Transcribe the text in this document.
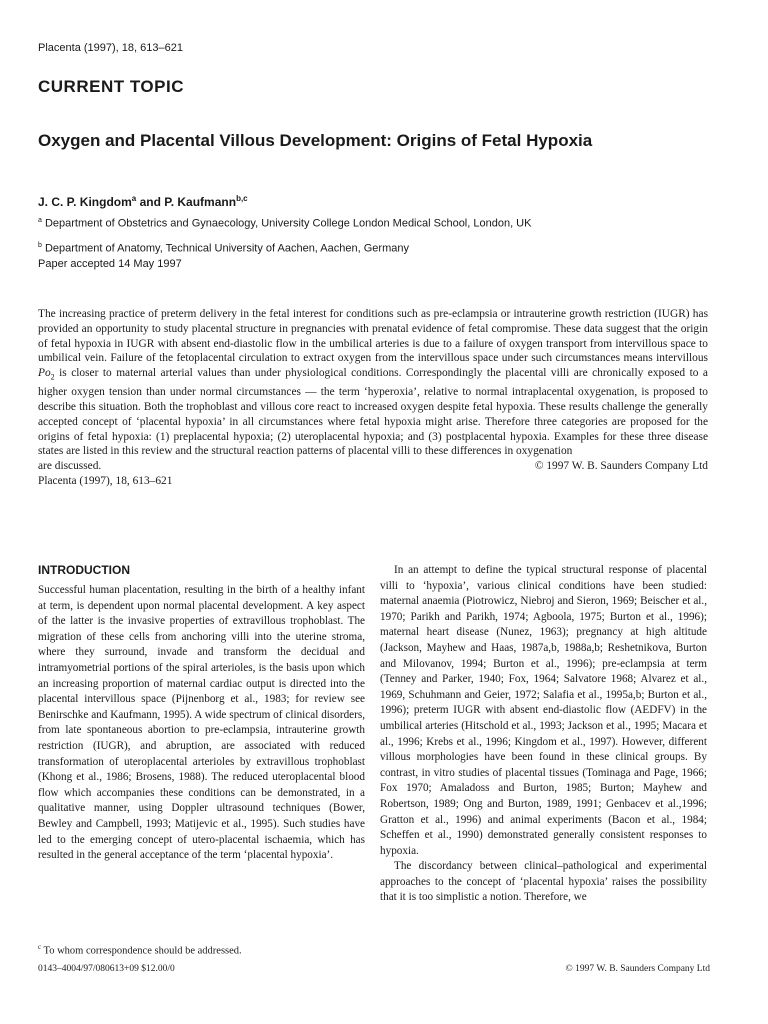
Placenta (1997), 18, 613–621
CURRENT TOPIC
Oxygen and Placental Villous Development: Origins of Fetal Hypoxia
J. C. P. Kingdom$^a$ and P. Kaufmann$^{b,c}$
$^a$ Department of Obstetrics and Gynaecology, University College London Medical School, London, UK
$^b$ Department of Anatomy, Technical University of Aachen, Aachen, Germany
Paper accepted 14 May 1997
The increasing practice of preterm delivery in the fetal interest for conditions such as pre-eclampsia or intrauterine growth restriction (IUGR) has provided an opportunity to study placental structure in pregnancies with prenatal evidence of fetal compromise. These data suggest that the origin of fetal hypoxia in IUGR with absent end-diastolic flow in the umbilical arteries is due to a failure of oxygen transport from intervillous space to umbilical vein. Failure of the fetoplacental circulation to extract oxygen from the intervillous space under such circumstances means intervillous $Po_2$ is closer to maternal arterial values than under physiological conditions. Correspondingly the placental villi are chronically exposed to a higher oxygen tension than under normal circumstances — the term ‘hyperoxia’, relative to normal intraplacental oxygenation, is proposed to describe this situation. Both the trophoblast and villous core react to increased oxygen despite fetal hypoxia. These results challenge the generally accepted concept of ‘placental hypoxia’ in all circumstances where fetal hypoxia might arise. Therefore three categories are proposed for the origins of fetal hypoxia: (1) preplacental hypoxia; (2) uteroplacental hypoxia; and (3) postplacental hypoxia. Examples for these three disease states are listed in this review and the structural reaction patterns of placental villi to these differences in oxygenation
are discussed.	© 1997 W. B. Saunders Company Ltd
Placenta (1997), 18, 613–621
INTRODUCTION

Successful human placentation, resulting in the birth of a healthy infant at term, is dependent upon normal placental development. A key aspect of the latter is the invasive properties of extravillous trophoblast. The migration of these cells from anchoring villi into the uterine stroma, where they surround, invade and transform the decidual and intramyometrial portions of the spiral arterioles, is the basis upon which an increasing proportion of maternal cardiac output is directed into the placental intervillous space (Pijnenborg et al., 1983; for review see Benirschke and Kaufmann, 1995). A wide spectrum of clinical disorders, from late spontaneous abortion to pre-eclampsia, intrauterine growth restriction (IUGR), and abruption, are associated with reduced transformation of uteroplacental arterioles by extravillous trophoblast (Khong et al., 1986; Brosens, 1988). The reduced uteroplacental blood flow which accompanies these conditions can be demonstrated, in a qualitative manner, using Doppler ultrasound techniques (Bower, Bewley and Campbell, 1993; Matijevic et al., 1995). Such studies have led to the emerging concept of utero-placental ischaemia, which has resulted in the general acceptance of the term ‘placental hypoxia’.

In an attempt to define the typical structural response of placental villi to ‘hypoxia’, various clinical conditions have been studied: maternal anaemia (Piotrowicz, Niebroj and Sieron, 1969; Beischer et al., 1970; Parikh and Parikh, 1974; Agboola, 1975; Burton et al., 1996); maternal heart disease (Nunez, 1963); pregnancy at high altitude (Jackson, Mayhew and Haas, 1987a,b, 1988a,b; Reshetnikova, Burton and Milovanov, 1994; Burton et al., 1996); pre-eclampsia at term (Tenney and Parker, 1940; Fox, 1964; Salvatore 1968; Alvarez et al., 1969, Schuhmann and Geier, 1972; Salafia et al., 1995a,b; Burton et al., 1996); preterm IUGR with absent end-diastolic flow (AEDFV) in the umbilical arteries (Hitschold et al., 1993; Jackson et al., 1995; Macara et al., 1996; Krebs et al., 1996; Kingdom et al., 1997). However, different villous morphologies have been found in these clinical groups. By contrast, in vitro studies of placental tissues (Tominaga and Page, 1966; Fox 1970; Amaladoss and Burton, 1985; Burton; Mayhew and Robertson, 1989; Ong and Burton, 1989, 1991; Genbacev et al.,1996; Gratton et al., 1996) and animal experiments (Bacon et al., 1984; Scheffen et al., 1990) demonstrated generally consistent responses to hypoxia.

The discordancy between clinical–pathological and experimental approaches to the concept of ‘placental hypoxia’ raises the possibility that it is too simplistic a notion. Therefore, we

$^c$ To whom correspondence should be addressed.
0143–4004/97/080613+09 $12.00/0	© 1997 W. B. Saunders Company Ltd
